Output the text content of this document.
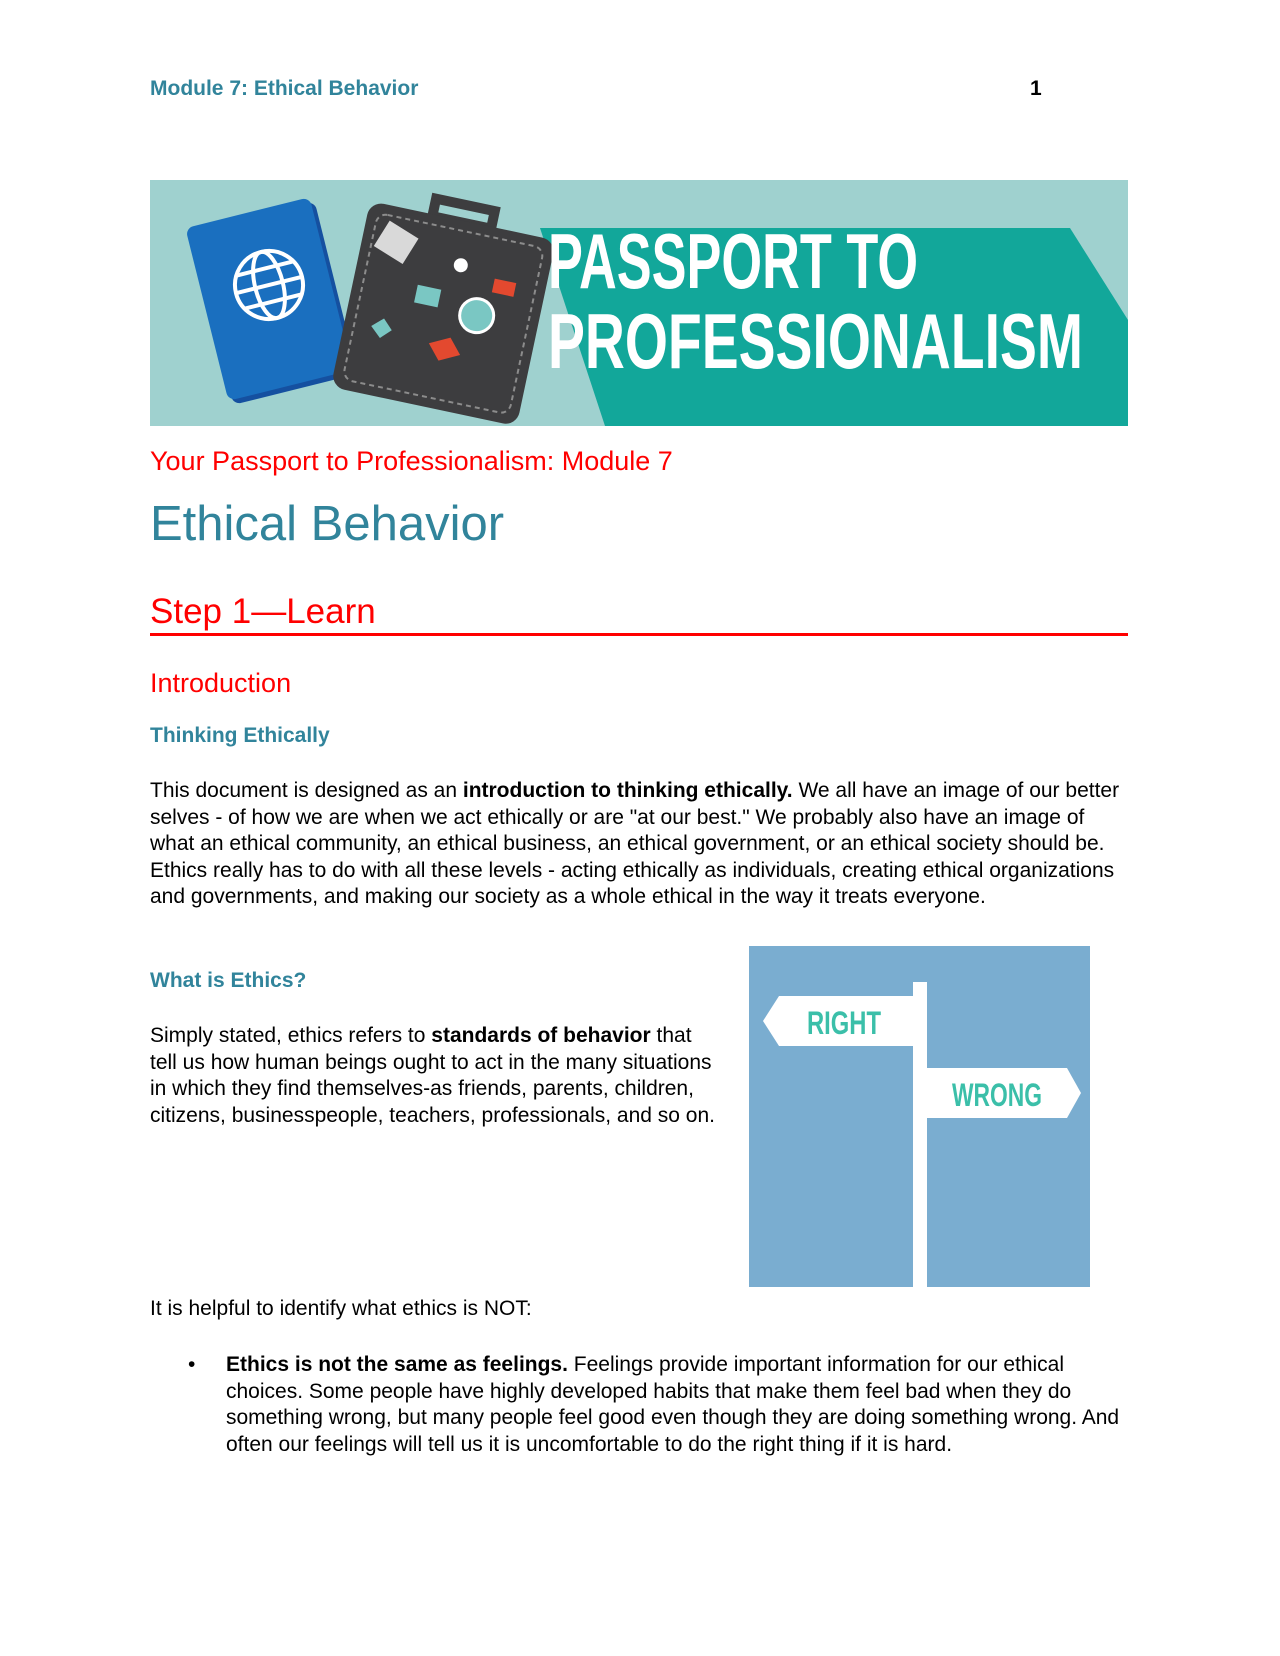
Module 7: Ethical Behavior	1
PASSPORT TO
PROFESSIONALISM
Your Passport to Professionalism: Module 7
Ethical Behavior
Step 1—Learn
Introduction
Thinking Ethically

This document is designed as an introduction to thinking ethically. We all have an image of our better selves - of how we are when we act ethically or are "at our best." We probably also have an image of what an ethical community, an ethical business, an ethical government, or an ethical society should be. Ethics really has to do with all these levels - acting ethically as individuals, creating ethical organizations and governments, and making our society as a whole ethical in the way it treats everyone.

What is Ethics?

Simply stated, ethics refers to standards of behavior that tell us how human beings ought to act in the many situations in which they find themselves-as friends, parents, children, citizens, businesspeople, teachers, professionals, and so on.

RIGHT
WRONG

It is helpful to identify what ethics is NOT:

• Ethics is not the same as feelings. Feelings provide important information for our ethical choices. Some people have highly developed habits that make them feel bad when they do something wrong, but many people feel good even though they are doing something wrong. And often our feelings will tell us it is uncomfortable to do the right thing if it is hard.
